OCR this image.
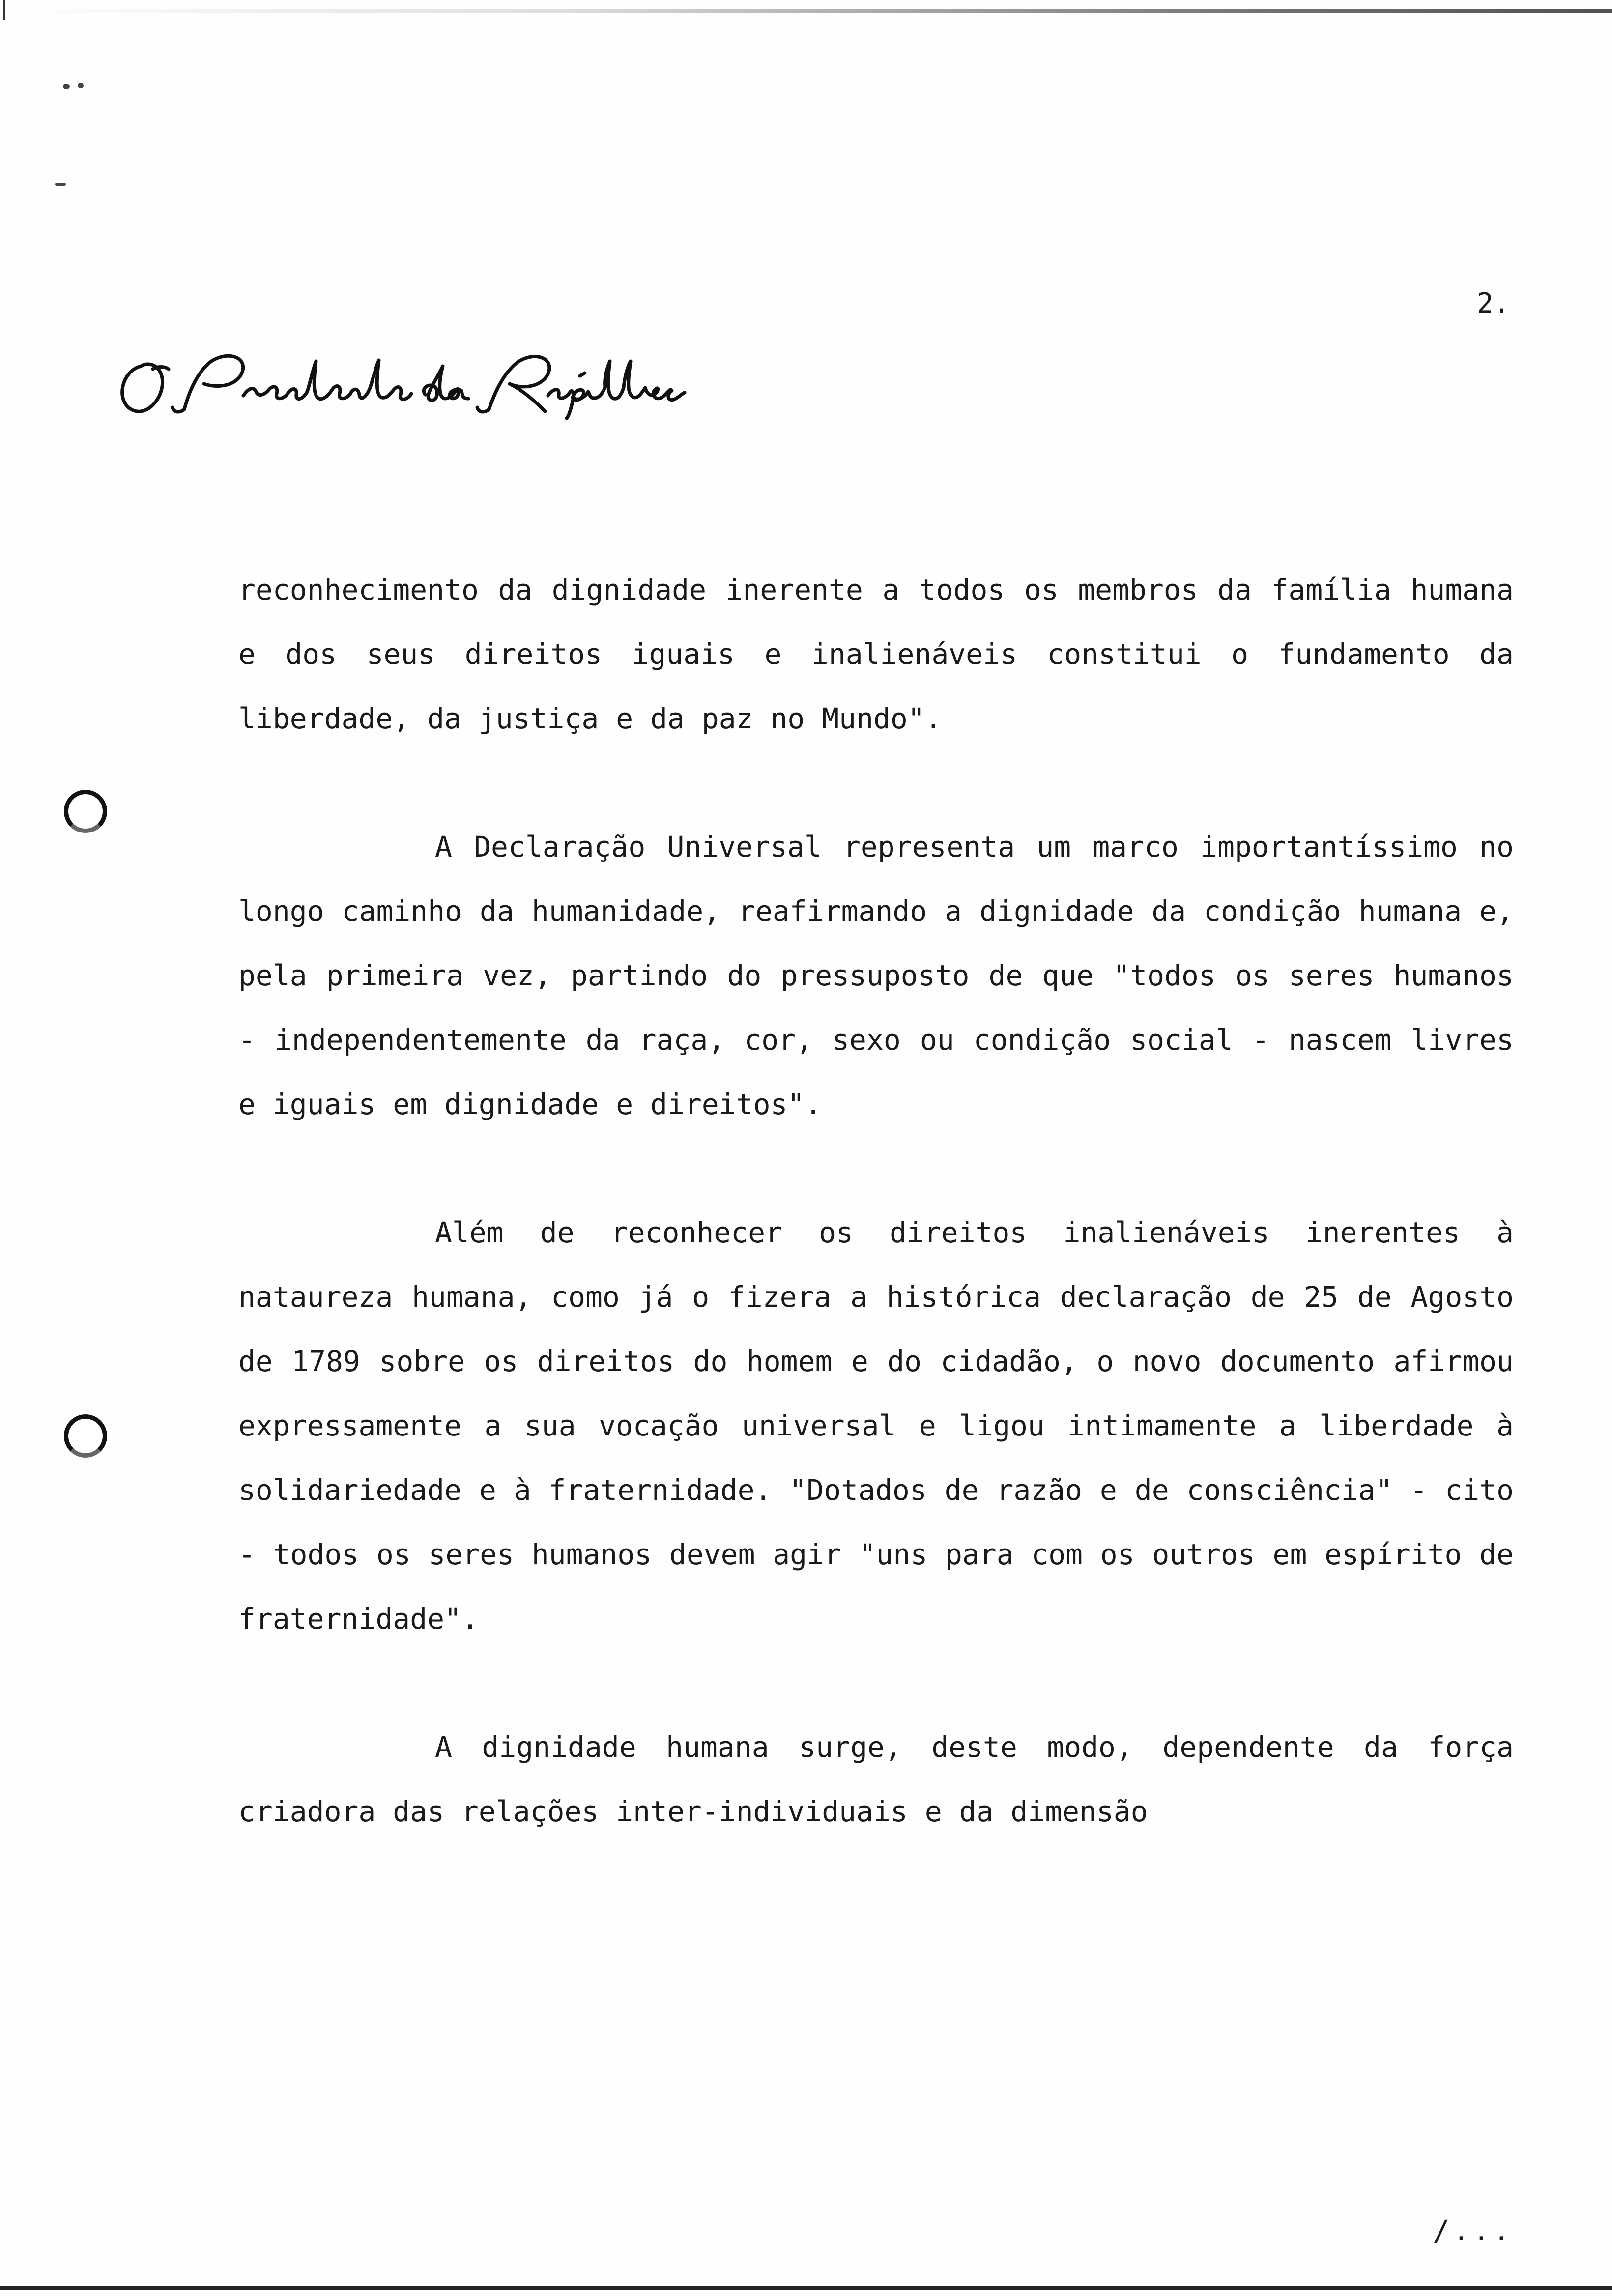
2.
O Presidente da República

reconhecimento da dignidade inerente a todos os membros da família humana e dos seus direitos iguais e inalienáveis constitui o fundamento da liberdade, da justiça e da paz no Mundo".

A Declaração Universal representa um marco importantíssimo no longo caminho da humanidade, reafirmando a dignidade da condição humana e, pela primeira vez, partindo do pressuposto de que "todos os seres humanos - independentemente da raça, cor, sexo ou condição social - nascem livres e iguais em dignidade e direitos".

Além de reconhecer os direitos inalienáveis inerentes à nataureza humana, como já o fizera a histórica declaração de 25 de Agosto de 1789 sobre os direitos do homem e do cidadão, o novo documento afirmou expressamente a sua vocação universal e ligou intimamente a liberdade à solidariedade e à fraternidade. "Dotados de razão e de consciência" - cito - todos os seres humanos devem agir "uns para com os outros em espírito de fraternidade".

A dignidade humana surge, deste modo, dependente da força criadora das relações inter-individuais e da dimensão

/...
